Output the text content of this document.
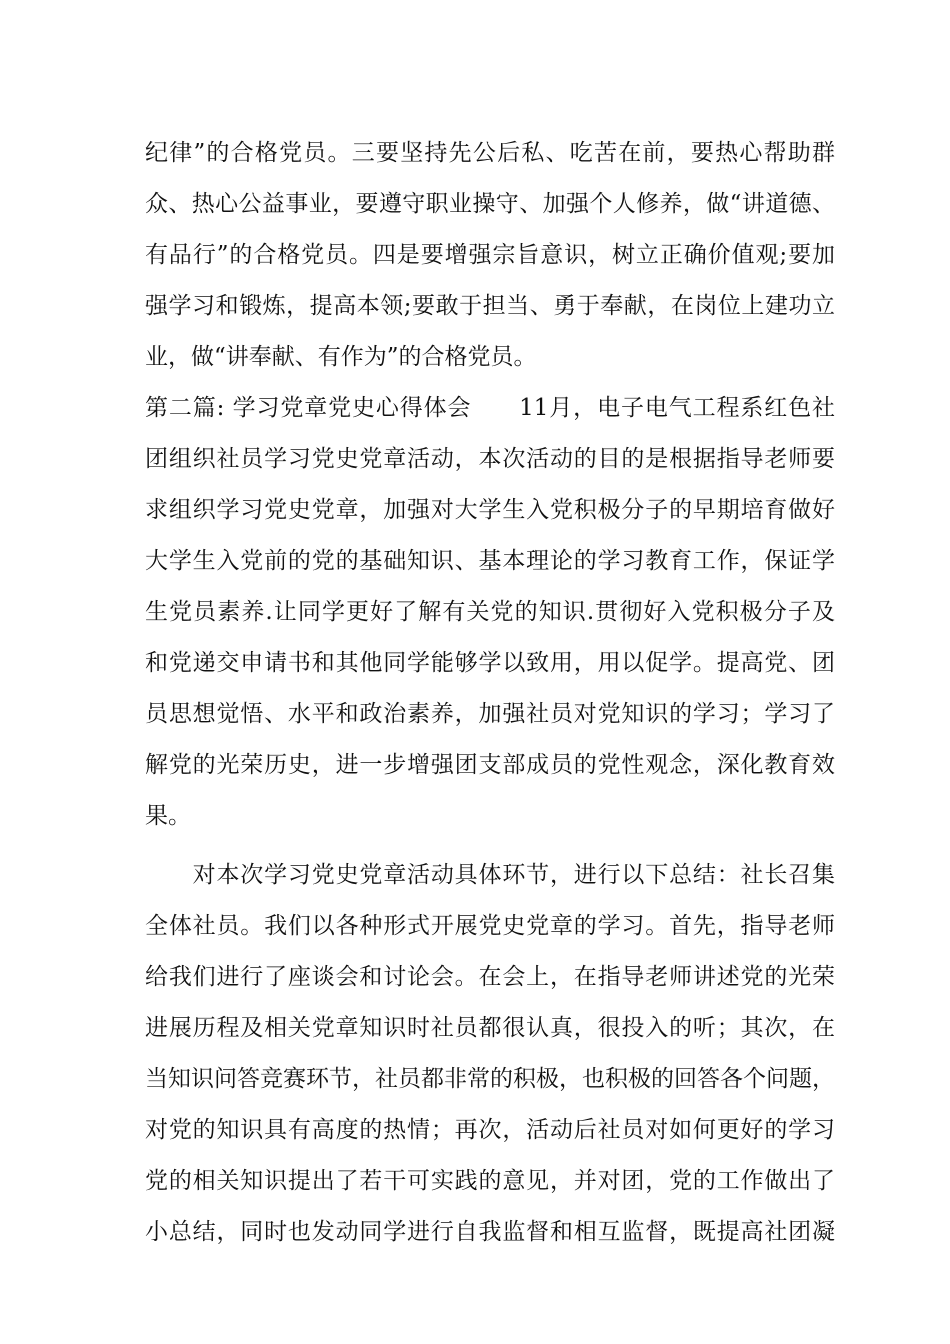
纪律”的合格党员。三要坚持先公后私、吃苦在前，要热心帮助群
众、热心公益事业，要遵守职业操守、加强个人修养，做“讲道德、
有品行”的合格党员。四是要增强宗旨意识，树立正确价值观;要加
强学习和锻炼，提高本领;要敢于担当、勇于奉献，在岗位上建功立
业，做“讲奉献、有作为”的合格党员。
第二篇: 学习党章党史心得体会　　11月，电子电气工程系红色社
团组织社员学习党史党章活动，本次活动的目的是根据指导老师要
求组织学习党史党章，加强对大学生入党积极分子的早期培育做好
大学生入党前的党的基础知识、基本理论的学习教育工作，保证学
生党员素养.让同学更好了解有关党的知识.贯彻好入党积极分子及
和党递交申请书和其他同学能够学以致用，用以促学。提高党、团
员思想觉悟、水平和政治素养，加强社员对党知识的学习；学习了
解党的光荣历史，进一步增强团支部成员的党性观念，深化教育效
果。
　　对本次学习党史党章活动具体环节，进行以下总结：社长召集
全体社员。我们以各种形式开展党史党章的学习。首先，指导老师
给我们进行了座谈会和讨论会。在会上，在指导老师讲述党的光荣
进展历程及相关党章知识时社员都很认真，很投入的听；其次，在
当知识问答竞赛环节，社员都非常的积极，也积极的回答各个问题，
对党的知识具有高度的热情；再次，活动后社员对如何更好的学习
党的相关知识提出了若干可实践的意见，并对团，党的工作做出了
小总结，同时也发动同学进行自我监督和相互监督，既提高社团凝
